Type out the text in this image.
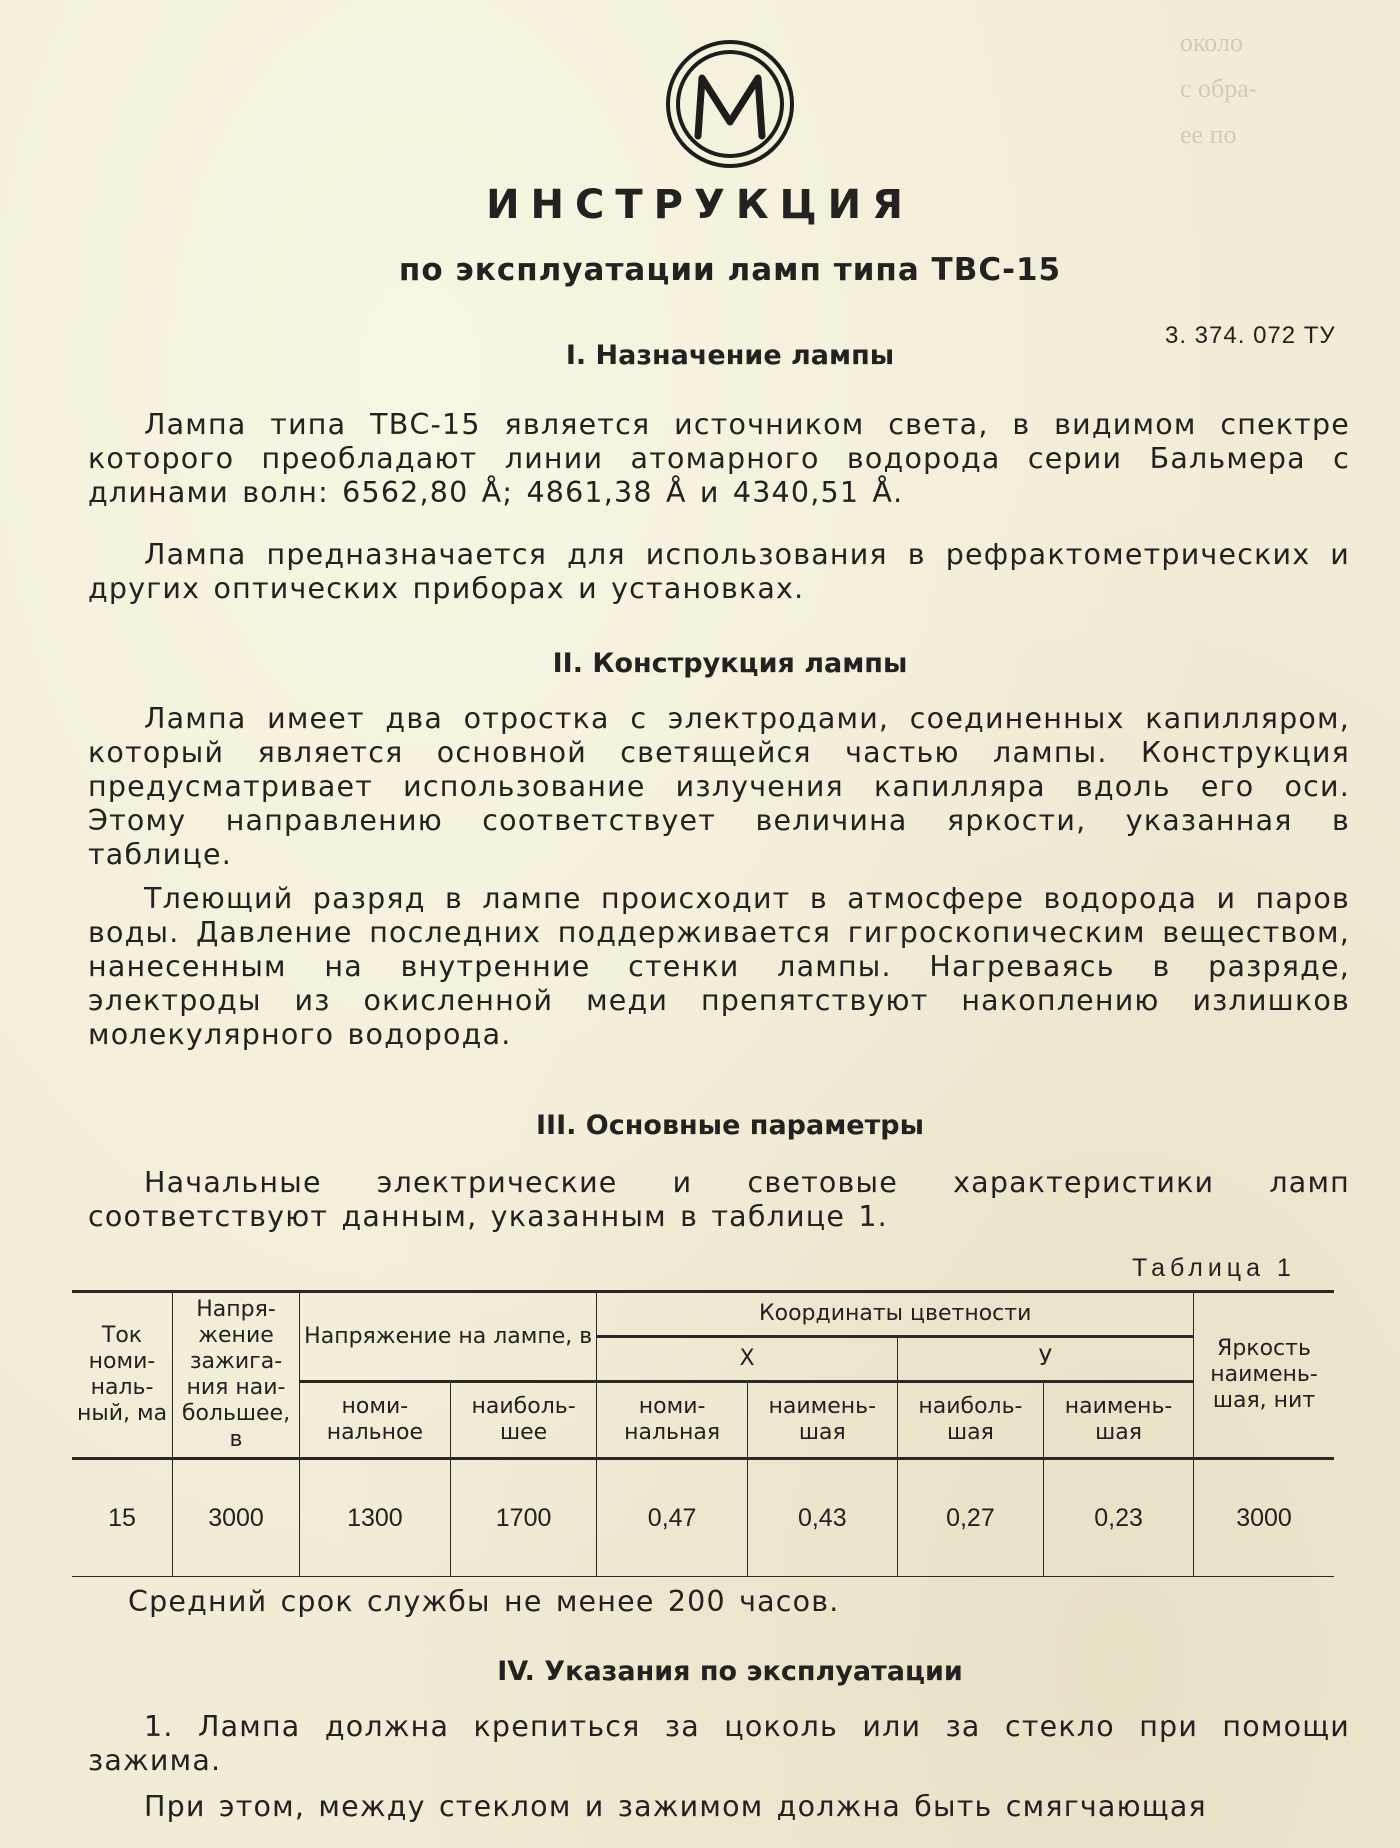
около
с обра-
ее по
ИНСТРУКЦИЯ
по эксплуатации ламп типа ТВС-15
3. 374. 072 ТУ
I. Назначение лампы

Лампа типа ТВС-15 является источником света, в видимом спектре которого преобладают линии атомарного водорода серии Бальмера с длинами волн: 6562,80 Å; 4861,38 Å и 4340,51 Å.

Лампа предназначается для использования в рефрактометрических и других оптических приборах и установках.

II. Конструкция лампы

Лампа имеет два отростка с электродами, соединенных капилляром, который является основной светящейся частью лампы. Конструкция предусматривает использование излучения капилляра вдоль его оси. Этому направлению соответствует величина яркости, указанная в таблице.

Тлеющий разряд в лампе происходит в атмосфере водорода и паров воды. Давление последних поддерживается гигроскопическим веществом, нанесенным на внутренние стенки лампы. Нагреваясь в разряде, электроды из окисленной меди препятствуют накоплению излишков молекулярного водорода.

III. Основные параметры

Начальные электрические и световые характеристики ламп соответствуют данным, указанным в таблице 1.

Таблица 1
Ток номи- наль- ный, ма	Напря- жение зажига- ния наи- большее, в	Напряжение на лампе, в		Координаты цветности				Яркость наимень- шая, нит
				Х		У		
		номи- нальное	наиболь- шее	номи- нальная	наимень- шая	наиболь- шая	наимень- шая	
15	3000	1300	1700	0,47	0,43	0,27	0,23	3000
Средний срок службы не менее 200 часов.
IV. Указания по эксплуатации

1. Лампа должна крепиться за цоколь или за стекло при помощи зажима.

При этом, между стеклом и зажимом должна быть смягчающая
